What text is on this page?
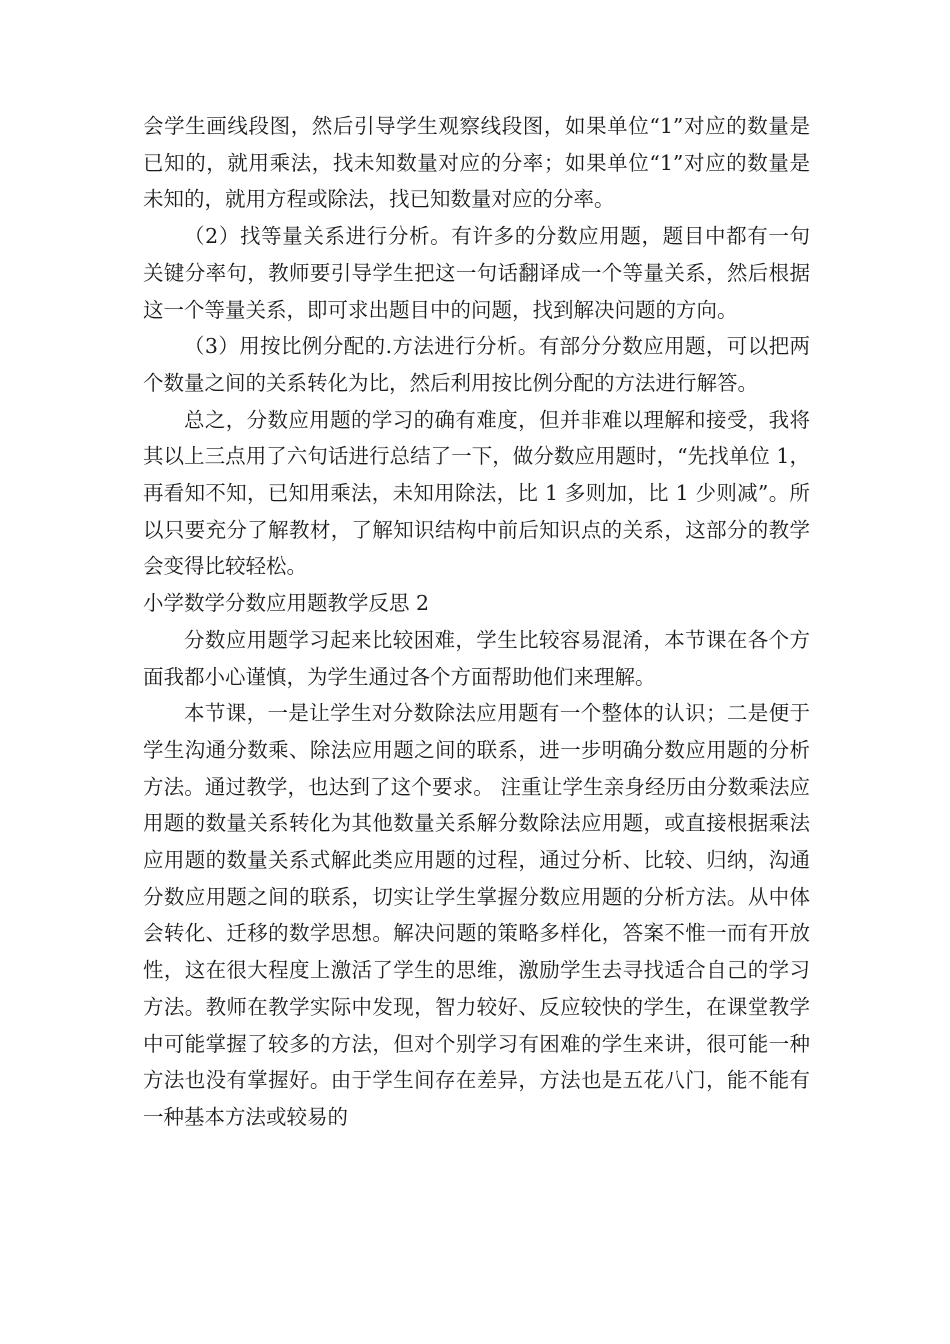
会学生画线段图，然后引导学生观察线段图，如果单位“1”对应的数量是已知的，就用乘法，找未知数量对应的分率；如果单位“1”对应的数量是未知的，就用方程或除法，找已知数量对应的分率。

（2）找等量关系进行分析。有许多的分数应用题，题目中都有一句关键分率句，教师要引导学生把这一句话翻译成一个等量关系，然后根据这一个等量关系，即可求出题目中的问题，找到解决问题的方向。

（3）用按比例分配的.方法进行分析。有部分分数应用题，可以把两个数量之间的关系转化为比，然后利用按比例分配的方法进行解答。

总之，分数应用题的学习的确有难度，但并非难以理解和接受，我将其以上三点用了六句话进行总结了一下，做分数应用题时，“先找单位 1，再看知不知，已知用乘法，未知用除法，比 1 多则加，比 1 少则减”。所以只要充分了解教材，了解知识结构中前后知识点的关系，这部分的教学会变得比较轻松。

小学数学分数应用题教学反思 2

分数应用题学习起来比较困难，学生比较容易混淆，本节课在各个方面我都小心谨慎，为学生通过各个方面帮助他们来理解。

本节课，一是让学生对分数除法应用题有一个整体的认识；二是便于学生沟通分数乘、除法应用题之间的联系，进一步明确分数应用题的分析方法。通过教学，也达到了这个要求。 注重让学生亲身经历由分数乘法应用题的数量关系转化为其他数量关系解分数除法应用题，或直接根据乘法应用题的数量关系式解此类应用题的过程，通过分析、比较、归纳，沟通分数应用题之间的联系，切实让学生掌握分数应用题的分析方法。从中体会转化、迁移的数学思想。解决问题的策略多样化，答案不惟一而有开放性，这在很大程度上激活了学生的思维，激励学生去寻找适合自己的学习方法。教师在教学实际中发现，智力较好、反应较快的学生，在课堂教学中可能掌握了较多的方法，但对个别学习有困难的学生来讲，很可能一种方法也没有掌握好。由于学生间存在差异，方法也是五花八门，能不能有一种基本方法或较易的
